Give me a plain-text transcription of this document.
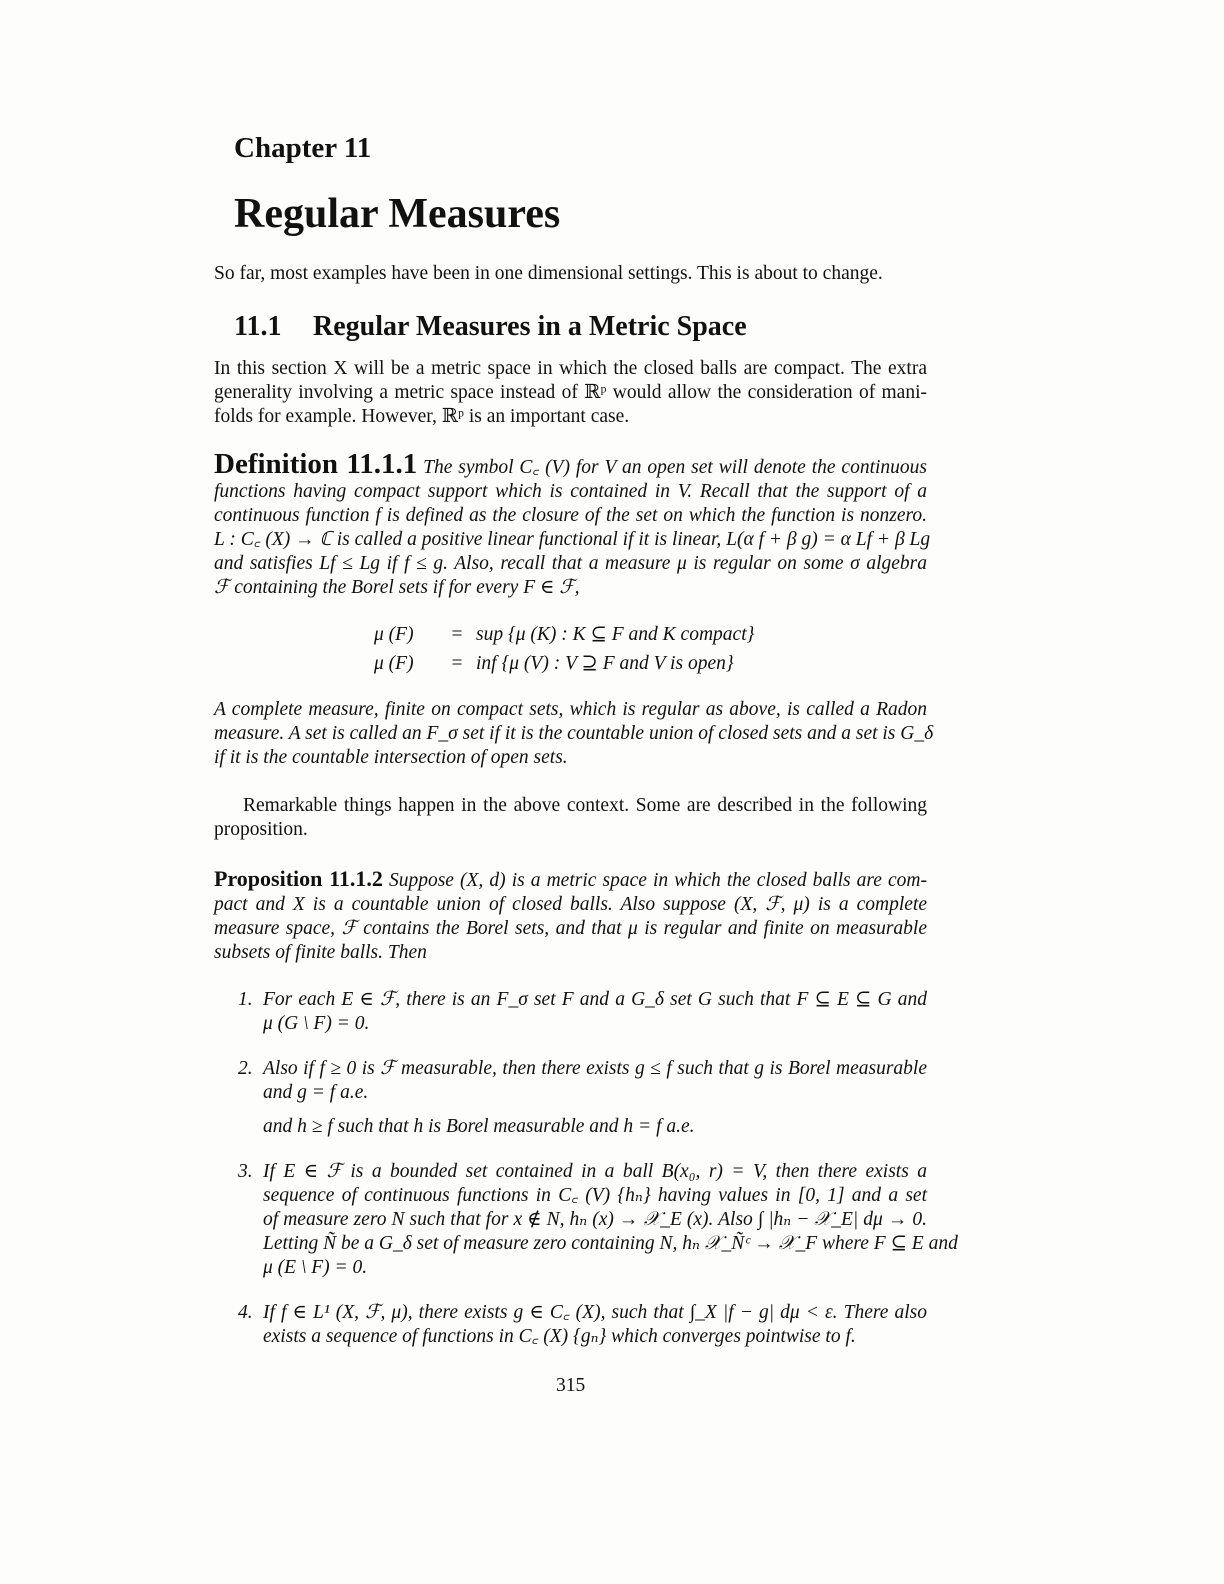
Chapter 11
Regular Measures
So far, most examples have been in one dimensional settings. This is about to change.
11.1 Regular Measures in a Metric Space
In this section X will be a metric space in which the closed balls are compact. The extra
generality involving a metric space instead of ℝᵖ would allow the consideration of mani-
folds for example. However, ℝᵖ is an important case.
Definition 11.1.1 The symbol C꜀ (V) for V an open set will denote the continuous
functions having compact support which is contained in V. Recall that the support of a
continuous function f is defined as the closure of the set on which the function is nonzero.
L : C꜀ (X) → ℂ is called a positive linear functional if it is linear, L(α f + β g) = α Lf + β Lg
and satisfies Lf ≤ Lg if f ≤ g. Also, recall that a measure μ is regular on some σ algebra
ℱ containing the Borel sets if for every F ∈ ℱ,
μ (F) = sup {μ (K) : K ⊆ F and K compact}
μ (F) = inf {μ (V) : V ⊇ F and V is open}
A complete measure, finite on compact sets, which is regular as above, is called a Radon
measure. A set is called an F_σ set if it is the countable union of closed sets and a set is G_δ
if it is the countable intersection of open sets.
Remarkable things happen in the above context. Some are described in the following
proposition.
Proposition 11.1.2 Suppose (X, d) is a metric space in which the closed balls are com-
pact and X is a countable union of closed balls. Also suppose (X, ℱ, μ) is a complete
measure space, ℱ contains the Borel sets, and that μ is regular and finite on measurable
subsets of finite balls. Then
1. For each E ∈ ℱ, there is an F_σ set F and a G_δ set G such that F ⊆ E ⊆ G and
μ (G \ F) = 0.
2. Also if f ≥ 0 is ℱ measurable, then there exists g ≤ f such that g is Borel measurable
and g = f a.e.
and h ≥ f such that h is Borel measurable and h = f a.e.
3. If E ∈ ℱ is a bounded set contained in a ball B(x₀, r) = V, then there exists a
sequence of continuous functions in C꜀ (V) {hₙ} having values in [0, 1] and a set
of measure zero N such that for x ∉ N, hₙ (x) → 𝒳_E (x). Also ∫ |hₙ − 𝒳_E| dμ → 0.
Letting Ñ be a G_δ set of measure zero containing N, hₙ 𝒳_Ñᶜ → 𝒳_F where F ⊆ E and
μ (E \ F) = 0.
4. If f ∈ L¹ (X, ℱ, μ), there exists g ∈ C꜀ (X), such that ∫_X |f − g| dμ < ε. There also
exists a sequence of functions in C꜀ (X) {gₙ} which converges pointwise to f.
315
